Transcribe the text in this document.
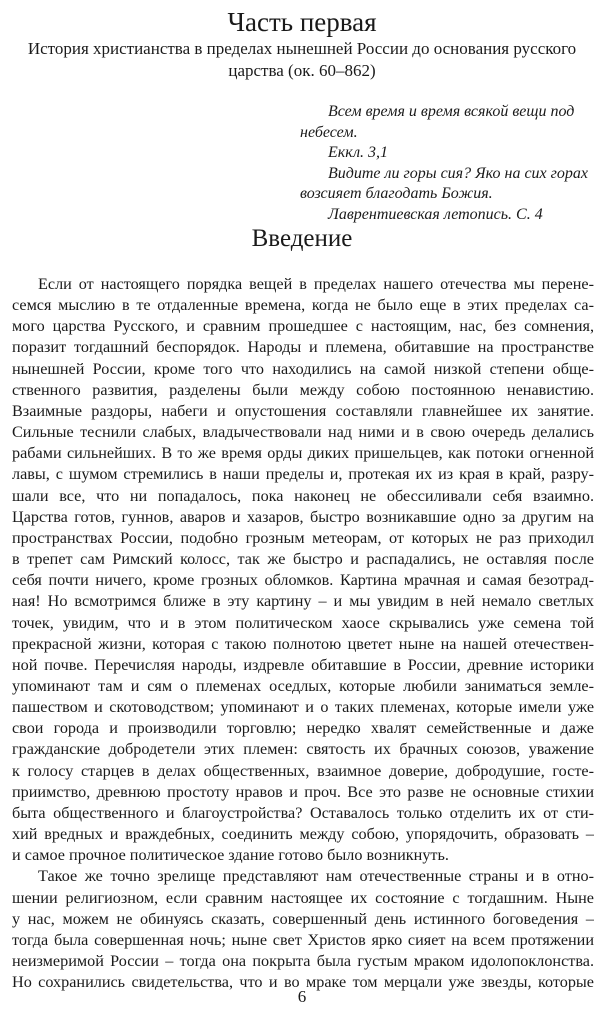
Часть первая
История христианства в пределах нынешней России до основания русского царства (ок. 60–862)
Всем время и время всякой вещи под
небесем.
Еккл. 3,1
Видите ли горы сия? Яко на сих горах
возсияет благодать Божия.
Лаврентиевская летопись. С. 4
Введение
Если от настоящего порядка вещей в пределах нашего отечества мы перене-
семся мыслию в те отдаленные времена, когда не было еще в этих пределах са-
мого царства Русского, и сравним прошедшее с настоящим, нас, без сомнения,
поразит тогдашний беспорядок. Народы и племена, обитавшие на пространстве
нынешней России, кроме того что находились на самой низкой степени обще-
ственного развития, разделены были между собою постоянною ненавистию.
Взаимные раздоры, набеги и опустошения составляли главнейшее их занятие.
Сильные теснили слабых, владычествовали над ними и в свою очередь делались
рабами сильнейших. В то же время орды диких пришельцев, как потоки огненной
лавы, с шумом стремились в наши пределы и, протекая их из края в край, разру-
шали все, что ни попадалось, пока наконец не обессиливали себя взаимно.
Царства готов, гуннов, аваров и хазаров, быстро возникавшие одно за другим на
пространствах России, подобно грозным метеорам, от которых не раз приходил
в трепет сам Римский колосс, так же быстро и распадались, не оставляя после
себя почти ничего, кроме грозных обломков. Картина мрачная и самая безотрад-
ная! Но всмотримся ближе в эту картину – и мы увидим в ней немало светлых
точек, увидим, что и в этом политическом хаосе скрывались уже семена той
прекрасной жизни, которая с такою полнотою цветет ныне на нашей отечествен-
ной почве. Перечисляя народы, издревле обитавшие в России, древние историки
упоминают там и сям о племенах оседлых, которые любили заниматься земле-
пашеством и скотоводством; упоминают и о таких племенах, которые имели уже
свои города и производили торговлю; нередко хвалят семейственные и даже
гражданские добродетели этих племен: святость их брачных союзов, уважение
к голосу старцев в делах общественных, взаимное доверие, добродушие, госте-
приимство, древнюю простоту нравов и проч. Все это разве не основные стихии
быта общественного и благоустройства? Оставалось только отделить их от сти-
хий вредных и враждебных, соединить между собою, упорядочить, образовать –
и самое прочное политическое здание готово было возникнуть.
Такое же точно зрелище представляют нам отечественные страны и в отно-
шении религиозном, если сравним настоящее их состояние с тогдашним. Ныне
у нас, можем не обинуясь сказать, совершенный день истинного боговедения –
тогда была совершенная ночь; ныне свет Христов ярко сияет на всем протяжении
неизмеримой России – тогда она покрыта была густым мраком идолопоклонства.
Но сохранились свидетельства, что и во мраке том мерцали уже звезды, которые
6
